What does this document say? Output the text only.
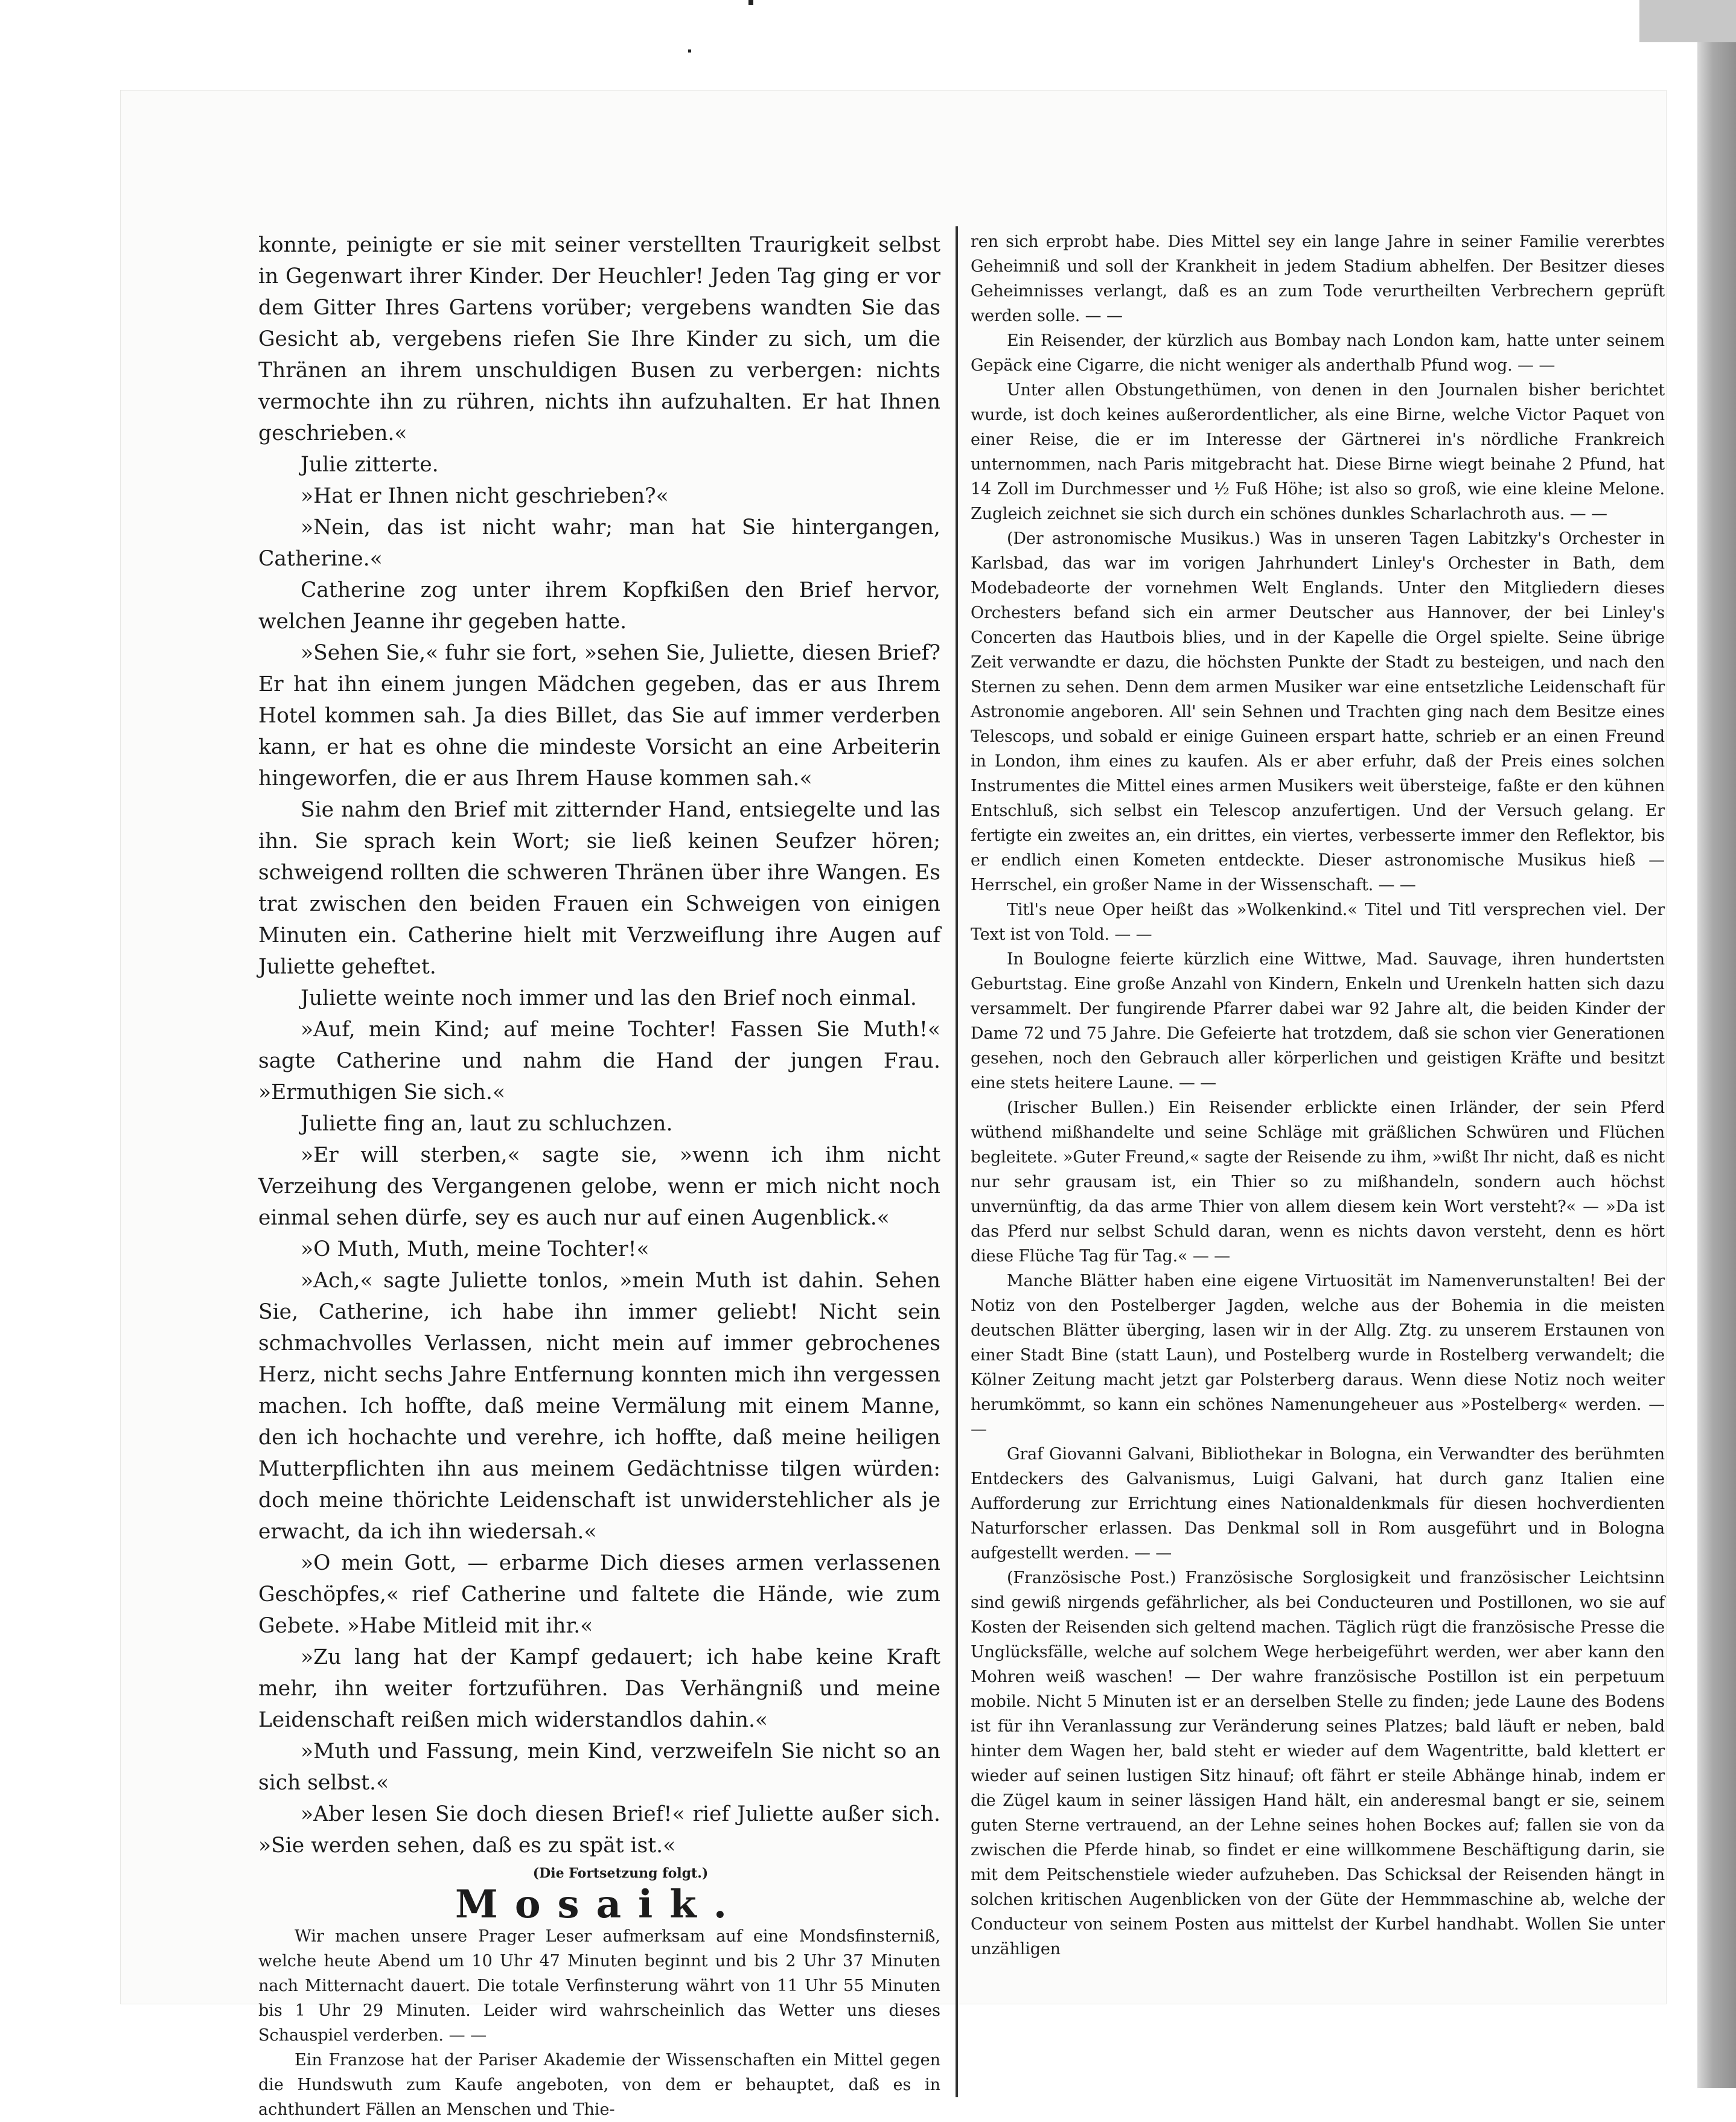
konnte, peinigte er sie mit seiner verstellten Traurigkeit selbst in Gegenwart ihrer Kinder. Der Heuchler! Jeden Tag ging er vor dem Gitter Ihres Gartens vorüber; vergebens wandten Sie das Gesicht ab, vergebens riefen Sie Ihre Kinder zu sich, um die Thränen an ihrem unschuldigen Busen zu verbergen: nichts vermochte ihn zu rühren, nichts ihn aufzuhalten. Er hat Ihnen geschrieben.«

Julie zitterte.

»Hat er Ihnen nicht geschrieben?«

»Nein, das ist nicht wahr; man hat Sie hintergangen, Catherine.«

Catherine zog unter ihrem Kopfkißen den Brief hervor, welchen Jeanne ihr gegeben hatte.

»Sehen Sie,« fuhr sie fort, »sehen Sie, Juliette, diesen Brief? Er hat ihn einem jungen Mädchen gegeben, das er aus Ihrem Hotel kommen sah. Ja dies Billet, das Sie auf immer verderben kann, er hat es ohne die mindeste Vorsicht an eine Arbeiterin hingeworfen, die er aus Ihrem Hause kommen sah.«

Sie nahm den Brief mit zitternder Hand, entsiegelte und las ihn. Sie sprach kein Wort; sie ließ keinen Seufzer hören; schweigend rollten die schweren Thränen über ihre Wangen. Es trat zwischen den beiden Frauen ein Schweigen von einigen Minuten ein. Catherine hielt mit Verzweiflung ihre Augen auf Juliette geheftet.

Juliette weinte noch immer und las den Brief noch einmal.

»Auf, mein Kind; auf meine Tochter! Fassen Sie Muth!« sagte Catherine und nahm die Hand der jungen Frau. »Ermuthigen Sie sich.«

Juliette fing an, laut zu schluchzen.

»Er will sterben,« sagte sie, »wenn ich ihm nicht Verzeihung des Vergangenen gelobe, wenn er mich nicht noch einmal sehen dürfe, sey es auch nur auf einen Augenblick.«

»O Muth, Muth, meine Tochter!«

»Ach,« sagte Juliette tonlos, »mein Muth ist dahin. Sehen Sie, Catherine, ich habe ihn immer geliebt! Nicht sein schmachvolles Verlassen, nicht mein auf immer gebrochenes Herz, nicht sechs Jahre Entfernung konnten mich ihn vergessen machen. Ich hoffte, daß meine Vermälung mit einem Manne, den ich hochachte und verehre, ich hoffte, daß meine heiligen Mutterpflichten ihn aus meinem Gedächtnisse tilgen würden: doch meine thörichte Leidenschaft ist unwiderstehlicher als je erwacht, da ich ihn wiedersah.«

»O mein Gott, — erbarme Dich dieses armen verlassenen Geschöpfes,« rief Catherine und faltete die Hände, wie zum Gebete. »Habe Mitleid mit ihr.«

»Zu lang hat der Kampf gedauert; ich habe keine Kraft mehr, ihn weiter fortzuführen. Das Verhängniß und meine Leidenschaft reißen mich widerstandlos dahin.«

»Muth und Fassung, mein Kind, verzweifeln Sie nicht so an sich selbst.«

»Aber lesen Sie doch diesen Brief!« rief Juliette außer sich. »Sie werden sehen, daß es zu spät ist.«

(Die Fortsetzung folgt.)

Mosaik.

Wir machen unsere Prager Leser aufmerksam auf eine Mondsfinsterniß, welche heute Abend um 10 Uhr 47 Minuten beginnt und bis 2 Uhr 37 Minuten nach Mitternacht dauert. Die totale Verfinsterung währt von 11 Uhr 55 Minuten bis 1 Uhr 29 Minuten. Leider wird wahrscheinlich das Wetter uns dieses Schauspiel verderben. — —

Ein Franzose hat der Pariser Akademie der Wissenschaften ein Mittel gegen die Hundswuth zum Kaufe angeboten, von dem er behauptet, daß es in achthundert Fällen an Menschen und Thie-

ren sich erprobt habe. Dies Mittel sey ein lange Jahre in seiner Familie vererbtes Geheimniß und soll der Krankheit in jedem Stadium abhelfen. Der Besitzer dieses Geheimnisses verlangt, daß es an zum Tode verurtheilten Verbrechern geprüft werden solle. — —

Ein Reisender, der kürzlich aus Bombay nach London kam, hatte unter seinem Gepäck eine Cigarre, die nicht weniger als anderthalb Pfund wog. — —

Unter allen Obstungethümen, von denen in den Journalen bisher berichtet wurde, ist doch keines außerordentlicher, als eine Birne, welche Victor Paquet von einer Reise, die er im Interesse der Gärtnerei in's nördliche Frankreich unternommen, nach Paris mitgebracht hat. Diese Birne wiegt beinahe 2 Pfund, hat 14 Zoll im Durchmesser und ½ Fuß Höhe; ist also so groß, wie eine kleine Melone. Zugleich zeichnet sie sich durch ein schönes dunkles Scharlachroth aus. — —

(Der astronomische Musikus.) Was in unseren Tagen Labitzky's Orchester in Karlsbad, das war im vorigen Jahrhundert Linley's Orchester in Bath, dem Modebadeorte der vornehmen Welt Englands. Unter den Mitgliedern dieses Orchesters befand sich ein armer Deutscher aus Hannover, der bei Linley's Concerten das Hautbois blies, und in der Kapelle die Orgel spielte. Seine übrige Zeit verwandte er dazu, die höchsten Punkte der Stadt zu besteigen, und nach den Sternen zu sehen. Denn dem armen Musiker war eine entsetzliche Leidenschaft für Astronomie angeboren. All' sein Sehnen und Trachten ging nach dem Besitze eines Telescops, und sobald er einige Guineen erspart hatte, schrieb er an einen Freund in London, ihm eines zu kaufen. Als er aber erfuhr, daß der Preis eines solchen Instrumentes die Mittel eines armen Musikers weit übersteige, faßte er den kühnen Entschluß, sich selbst ein Telescop anzufertigen. Und der Versuch gelang. Er fertigte ein zweites an, ein drittes, ein viertes, verbesserte immer den Reflektor, bis er endlich einen Kometen entdeckte. Dieser astronomische Musikus hieß — Herrschel, ein großer Name in der Wissenschaft. — —

Titl's neue Oper heißt das »Wolkenkind.« Titel und Titl versprechen viel. Der Text ist von Told. — —

In Boulogne feierte kürzlich eine Wittwe, Mad. Sauvage, ihren hundertsten Geburtstag. Eine große Anzahl von Kindern, Enkeln und Urenkeln hatten sich dazu versammelt. Der fungirende Pfarrer dabei war 92 Jahre alt, die beiden Kinder der Dame 72 und 75 Jahre. Die Gefeierte hat trotzdem, daß sie schon vier Generationen gesehen, noch den Gebrauch aller körperlichen und geistigen Kräfte und besitzt eine stets heitere Laune. — —

(Irischer Bullen.) Ein Reisender erblickte einen Irländer, der sein Pferd wüthend mißhandelte und seine Schläge mit gräßlichen Schwüren und Flüchen begleitete. »Guter Freund,« sagte der Reisende zu ihm, »wißt Ihr nicht, daß es nicht nur sehr grausam ist, ein Thier so zu mißhandeln, sondern auch höchst unvernünftig, da das arme Thier von allem diesem kein Wort versteht?« — »Da ist das Pferd nur selbst Schuld daran, wenn es nichts davon versteht, denn es hört diese Flüche Tag für Tag.« — —

Manche Blätter haben eine eigene Virtuosität im Namenverunstalten! Bei der Notiz von den Postelberger Jagden, welche aus der Bohemia in die meisten deutschen Blätter überging, lasen wir in der Allg. Ztg. zu unserem Erstaunen von einer Stadt Bine (statt Laun), und Postelberg wurde in Rostelberg verwandelt; die Kölner Zeitung macht jetzt gar Polsterberg daraus. Wenn diese Notiz noch weiter herumkömmt, so kann ein schönes Namenungeheuer aus »Postelberg« werden. — —

Graf Giovanni Galvani, Bibliothekar in Bologna, ein Verwandter des berühmten Entdeckers des Galvanismus, Luigi Galvani, hat durch ganz Italien eine Aufforderung zur Errichtung eines Nationaldenkmals für diesen hochverdienten Naturforscher erlassen. Das Denkmal soll in Rom ausgeführt und in Bologna aufgestellt werden. — —

(Französische Post.) Französische Sorglosigkeit und französischer Leichtsinn sind gewiß nirgends gefährlicher, als bei Conducteuren und Postillonen, wo sie auf Kosten der Reisenden sich geltend machen. Täglich rügt die französische Presse die Unglücksfälle, welche auf solchem Wege herbeigeführt werden, wer aber kann den Mohren weiß waschen! — Der wahre französische Postillon ist ein perpetuum mobile. Nicht 5 Minuten ist er an derselben Stelle zu finden; jede Laune des Bodens ist für ihn Veranlassung zur Veränderung seines Platzes; bald läuft er neben, bald hinter dem Wagen her, bald steht er wieder auf dem Wagentritte, bald klettert er wieder auf seinen lustigen Sitz hinauf; oft fährt er steile Abhänge hinab, indem er die Zügel kaum in seiner lässigen Hand hält, ein anderesmal bangt er sie, seinem guten Sterne vertrauend, an der Lehne seines hohen Bockes auf; fallen sie von da zwischen die Pferde hinab, so findet er eine willkommene Beschäftigung darin, sie mit dem Peitschenstiele wieder aufzuheben. Das Schicksal der Reisenden hängt in solchen kritischen Augenblicken von der Güte der Hemmmaschine ab, welche der Conducteur von seinem Posten aus mittelst der Kurbel handhabt. Wollen Sie unter unzähligen
